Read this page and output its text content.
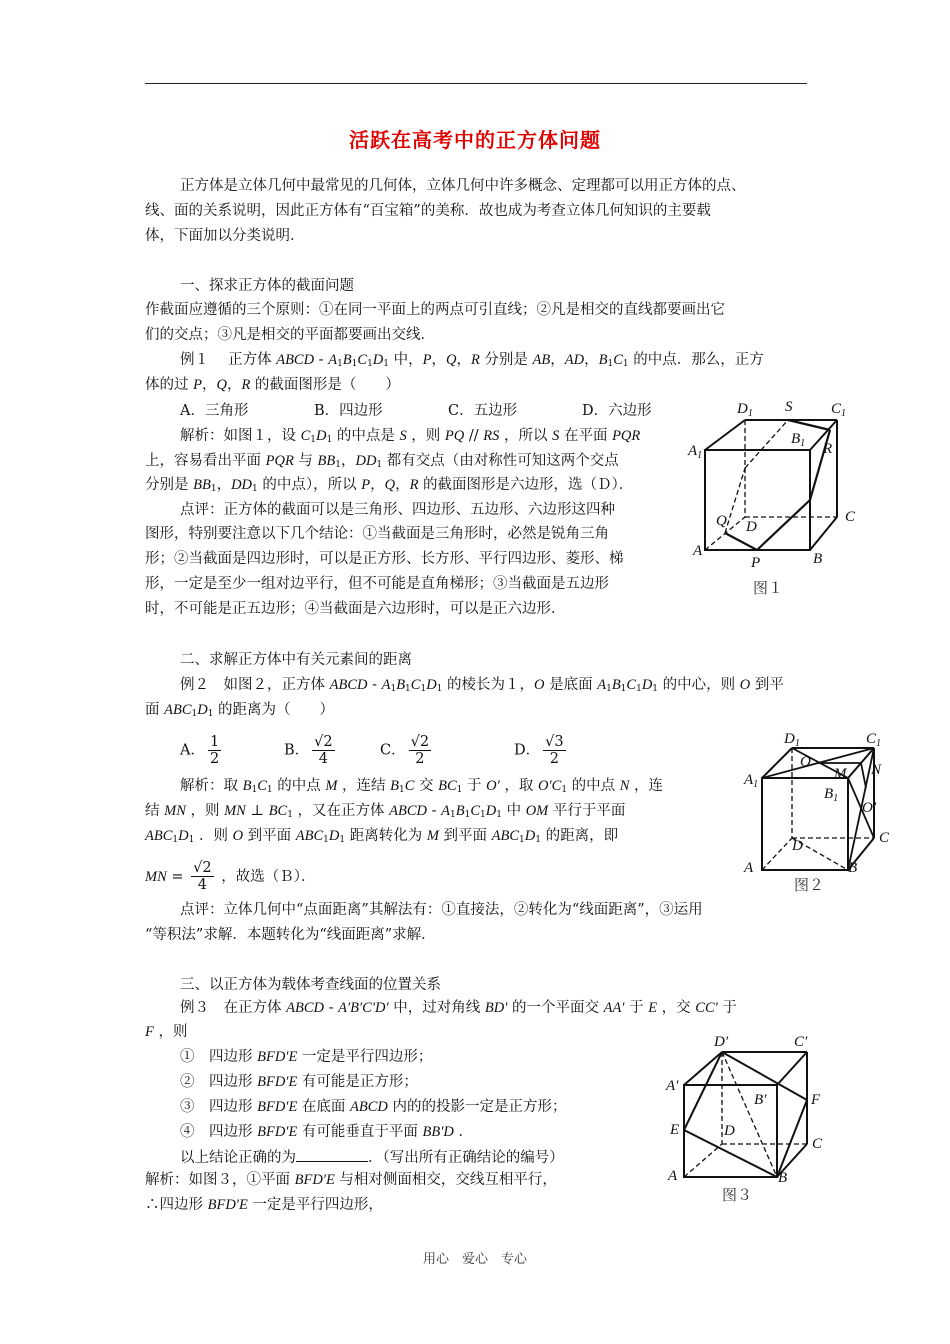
活跃在高考中的正方体问题
正方体是立体几何中最常见的几何体，立体几何中许多概念、定理都可以用正方体的点、
线、面的关系说明，因此正方体有“百宝箱”的美称．故也成为考查立体几何知识的主要载
体，下面加以分类说明．
一、探求正方体的截面问题
作截面应遵循的三个原则：①在同一平面上的两点可引直线；②凡是相交的直线都要画出它
们的交点；③凡是相交的平面都要画出交线．
例１　 正方体 ABCD - $A_1B_1C_1D_1$ 中，P，Q，R 分别是 AB，AD，$B_1C_1$ 的中点．那么，正方
体的过 P，Q，R 的截面图形是（　　）
A．三角形	B．四边形	C．五边形	D．六边形
解析：如图１，设 $C_1D_1$ 的中点是 S ，则 PQ // RS ，所以 S 在平面 PQR
上，容易看出平面 PQR 与 $BB_1$，$DD_1$ 都有交点（由对称性可知这两个交点
分别是 $BB_1$，$DD_1$ 的中点），所以 P，Q，R 的截面图形是六边形，选（Ｄ）．
点评：正方体的截面可以是三角形、四边形、五边形、六边形这四种
图形，特别要注意以下几个结论：①当截面是三角形时，必然是锐角三角
形；②当截面是四边形时，可以是正方形、长方形、平行四边形、菱形、梯
形，一定是至少一组对边平行，但不可能是直角梯形；③当截面是五边形
时，不可能是正五边形；④当截面是六边形时，可以是正六边形．
$D_1$ S	$C_1$
$A_1$
$B_1$ R
Q D
C
A
P	B
图１
二、求解正方体中有关元素间的距离
例２　如图２，正方体 ABCD - $A_1B_1C_1D_1$ 的棱长为１，O 是底面 $A_1B_1C_1D_1$ 的中心，则 O 到平
面 $ABC_1D_1$ 的距离为（　　）
A． $\frac{1}{2}$	B． $\frac{√2}{4}$	C． $\frac{√2}{2}$	D． $\frac{√3}{2}$
解析：取 $B_1C_1$ 的中点 M ，连结 $B_1C$ 交 $BC_1$ 于 O′ ，取 $O'C_1$ 的中点 N ，连
结 MN ，则 MN ⊥ $BC_1$ ，又在正方体 ABCD - $A_1B_1C_1D_1$ 中 OM 平行于平面
$ABC_1D_1$ ．则 O 到平面 $ABC_1D_1$ 距离转化为 M 到平面 $ABC_1D_1$ 的距离，即
MN = $\frac{√2}{4}$ ，故选（Ｂ）．
点评：立体几何中“点面距离”其解法有：①直接法，②转化为“线面距离”，③运用
“等积法”求解．本题转化为“线面距离”求解．
$D_1$	$C_1$
O
M N
$A_1$
$B_1$
O′
D	C
A	B
图２
三、以正方体为载体考查线面的位置关系
例３　在正方体 ABCD - A′B′C′D′ 中，过对角线 BD′ 的一个平面交 AA′ 于 E ，交 CC′ 于
F ，则
①　四边形 BFD′E 一定是平行四边形；
②　四边形 BFD′E 有可能是正方形；
③　四边形 BFD′E 在底面 ABCD 内的的投影一定是正方形；
④　四边形 BFD′E 有可能垂直于平面 BB′D ．
以上结论正确的为	．（写出所有正确结论的编号）
解析：如图３，①平面 BFD′E 与相对侧面相交，交线互相平行，
∴四边形 BFD′E 一定是平行四边形，
D′	C′
A′
B′	F
E	D
C
A	B
图３
用心　爱心　专心
